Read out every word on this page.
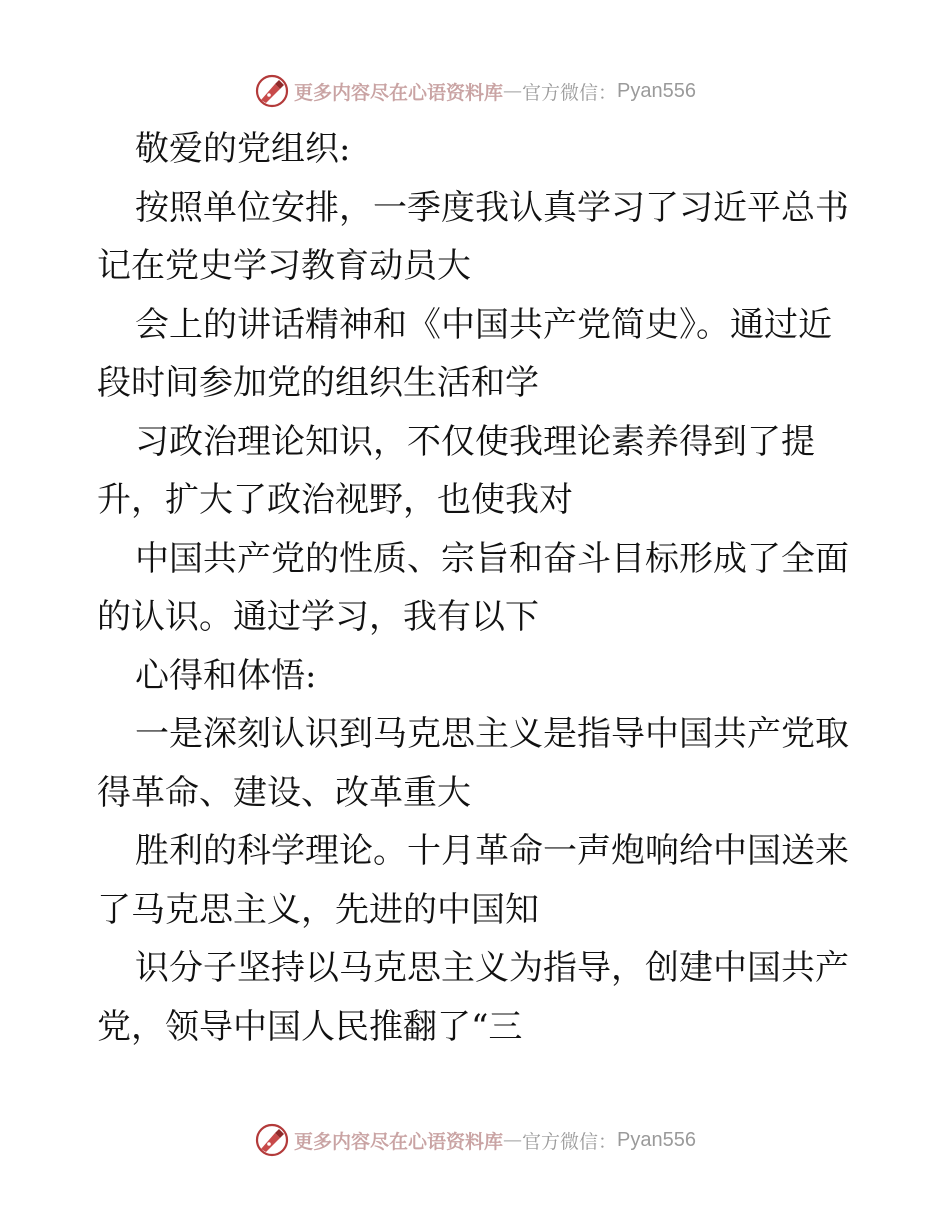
更多内容尽在心语资料库 — 官方微信： Pyan556
敬爱的党组织:
按照单位安排，一季度我认真学习了习近平总书
记在党史学习教育动员大
会上的讲话精神和《中国共产党简史》。通过近
段时间参加党的组织生活和学
习政治理论知识，不仅使我理论素养得到了提
升，扩大了政治视野，也使我对
中国共产党的性质、宗旨和奋斗目标形成了全面
的认识。通过学习，我有以下
心得和体悟:
一是深刻认识到马克思主义是指导中国共产党取
得革命、建设、改革重大
胜利的科学理论。十月革命一声炮响给中国送来
了马克思主义，先进的中国知
识分子坚持以马克思主义为指导，创建中国共产
党，领导中国人民推翻了“三
更多内容尽在心语资料库 — 官方微信： Pyan556
